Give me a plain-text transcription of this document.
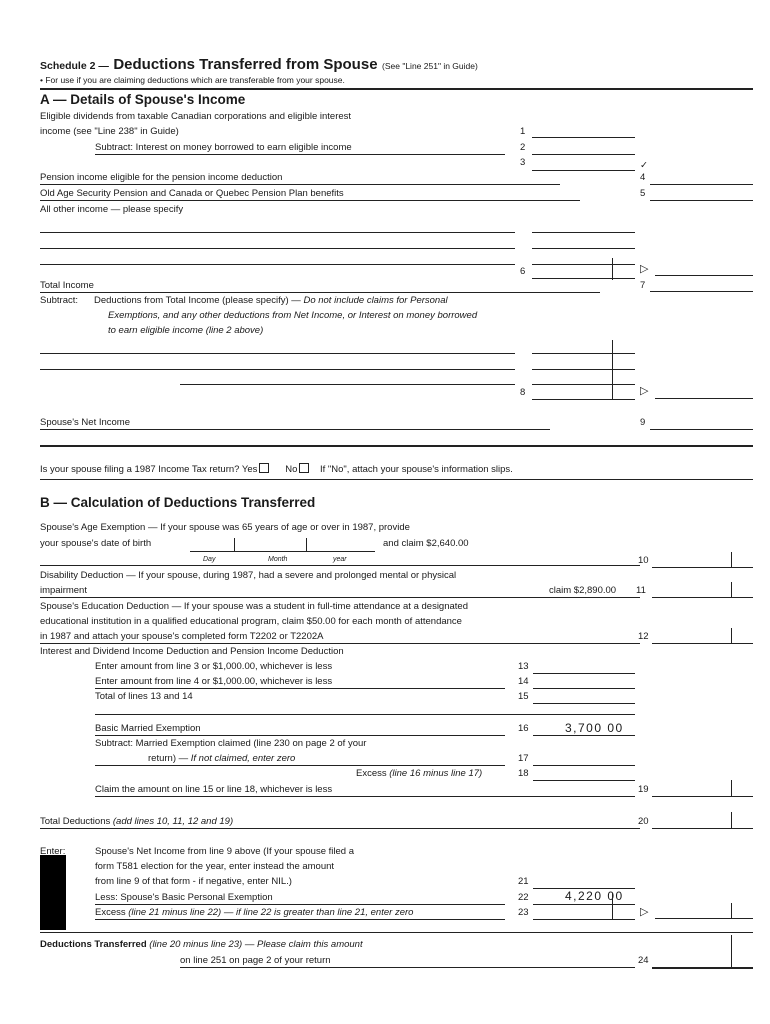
Schedule 2 — Deductions Transferred from Spouse (See "Line 251" in Guide)
• For use if you are claiming deductions which are transferable from your spouse.
A — Details of Spouse's Income
Eligible dividends from taxable Canadian corporations and eligible interest
income (see "Line 238" in Guide)	1
Subtract: Interest on money borrowed to earn eligible income	2
3	✓
Pension income eligible for the pension income deduction	4
Old Age Security Pension and Canada or Quebec Pension Plan benefits	5
All other income — please specify
6	▷
Total Income	7
Subtract: Deductions from Total Income (please specify) — Do not include claims for Personal
Exemptions, and any other deductions from Net Income, or Interest on money borrowed
to earn eligible income (line 2 above)
8	▷
Spouse's Net Income	9
Is your spouse filing a 1987 Income Tax return? Yes	No If "No", attach your spouse's information slips.
B — Calculation of Deductions Transferred
Spouse's Age Exemption — If your spouse was 65 years of age or over in 1987, provide
your spouse's date of birth	and claim $2,640.00
Day	Month	year	10
Disability Deduction — If your spouse, during 1987, had a severe and prolonged mental or physical
impairment	claim $2,890.00 11
Spouse's Education Deduction — If your spouse was a student in full-time attendance at a designated
educational institution in a qualified educational program, claim $50.00 for each month of attendance
in 1987 and attach your spouse's completed form T2202 or T2202A	12
Interest and Dividend Income Deduction and Pension Income Deduction
Enter amount from line 3 or $1,000.00, whichever is less	13
Enter amount from line 4 or $1,000.00, whichever is less	14
Total of lines 13 and 14	15
Basic Married Exemption	16	3,700 00
Subtract: Married Exemption claimed (line 230 on page 2 of your
return) — If not claimed, enter zero	17
Excess (line 16 minus line 17)	18
Claim the amount on line 15 or line 18, whichever is less	19
Total Deductions (add lines 10, 11, 12 and 19)	20
Enter:	Spouse's Net Income from line 9 above (If your spouse filed a
form T581 election for the year, enter instead the amount
from line 9 of that form - if negative, enter NIL.)	21
Less: Spouse's Basic Personal Exemption	22	4,220 00
Excess (line 21 minus line 22) — if line 22 is greater than line 21, enter zero	23	▷
Deductions Transferred (line 20 minus line 23) — Please claim this amount
on line 251 on page 2 of your return	24
